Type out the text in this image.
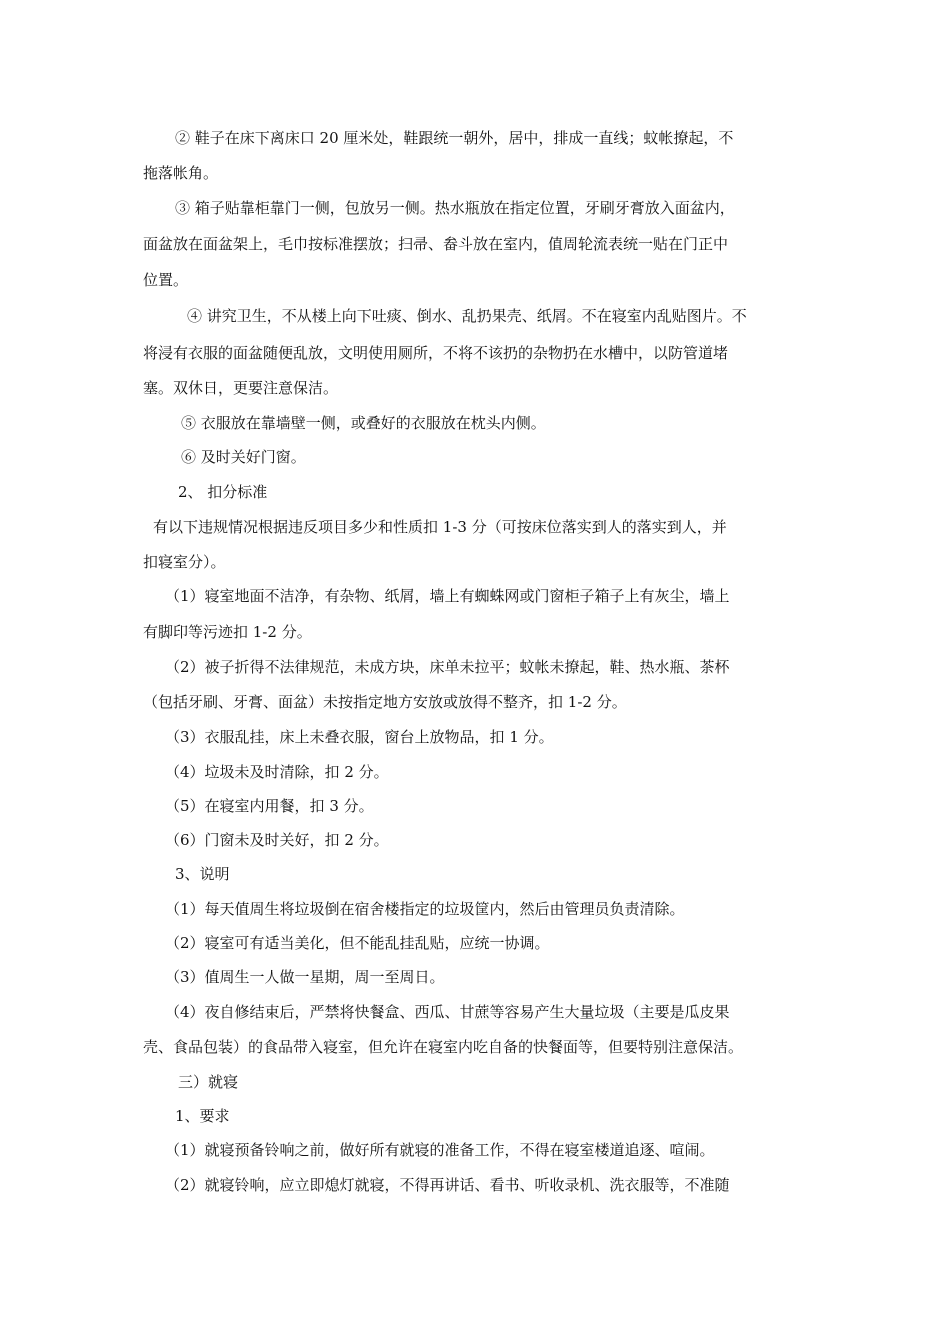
② 鞋子在床下离床口 20 厘米处，鞋跟统一朝外，居中，排成一直线；蚊帐撩起，不
拖落帐角。
③ 箱子贴靠柜靠门一侧，包放另一侧。热水瓶放在指定位置，牙刷牙膏放入面盆内，
面盆放在面盆架上，毛巾按标准摆放；扫帚、畚斗放在室内，值周轮流表统一贴在门正中
位置。
④ 讲究卫生，不从楼上向下吐痰、倒水、乱扔果壳、纸屑。不在寝室内乱贴图片。不
将浸有衣服的面盆随便乱放，文明使用厕所，不将不该扔的杂物扔在水槽中，以防管道堵
塞。双休日，更要注意保洁。
⑤ 衣服放在靠墙壁一侧，或叠好的衣服放在枕头内侧。
⑥ 及时关好门窗。
2、 扣分标准
有以下违规情况根据违反项目多少和性质扣 1-3 分（可按床位落实到人的落实到人，并
扣寝室分）。
（1）寝室地面不洁净，有杂物、纸屑，墙上有蜘蛛网或门窗柜子箱子上有灰尘，墙上
有脚印等污迹扣 1-2 分。
（2）被子折得不法律规范，未成方块，床单未拉平；蚊帐未撩起，鞋、热水瓶、茶杯
（包括牙刷、牙膏、面盆）未按指定地方安放或放得不整齐，扣 1-2 分。
（3）衣服乱挂，床上未叠衣服，窗台上放物品，扣 1 分。
（4）垃圾未及时清除，扣 2 分。
（5）在寝室内用餐，扣 3 分。
（6）门窗未及时关好，扣 2 分。
3、说明
（1）每天值周生将垃圾倒在宿舍楼指定的垃圾筐内，然后由管理员负责清除。
（2）寝室可有适当美化，但不能乱挂乱贴，应统一协调。
（3）值周生一人做一星期，周一至周日。
（4）夜自修结束后，严禁将快餐盒、西瓜、甘蔗等容易产生大量垃圾（主要是瓜皮果
壳、食品包装）的食品带入寝室，但允许在寝室内吃自备的快餐面等，但要特别注意保洁。
三）就寝
1、要求
（1）就寝预备铃响之前，做好所有就寝的准备工作，不得在寝室楼道追逐、喧闹。
（2）就寝铃响，应立即熄灯就寝，不得再讲话、看书、听收录机、洗衣服等，不准随
